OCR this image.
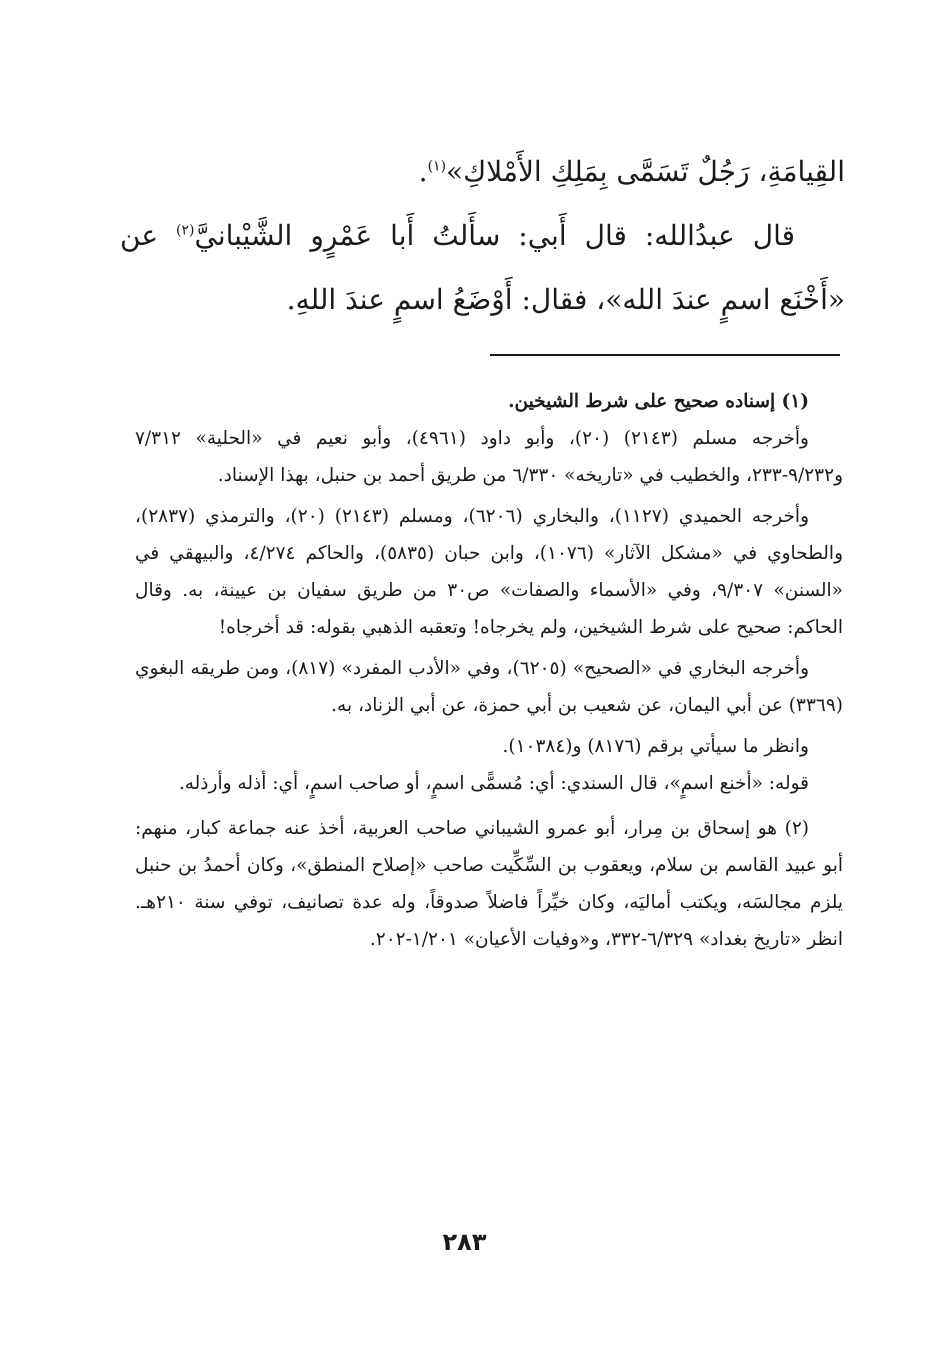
القِيامَةِ، رَجُلٌ تَسَمَّى بِمَلِكِ الأَمْلاكِ»$^{(١)}$.

قال عبدُالله: قال أَبي: سأَلتُ أَبا عَمْرٍو الشَّيْبانيَّ$^{(٢)}$ عن «أَخْنَع اسمٍ عندَ الله»، فقال: أَوْضَعُ اسمٍ عندَ اللهِ.

(١) إسناده صحيح على شرط الشيخين.

وأخرجه مسلم (٢١٤٣) (٢٠)، وأبو داود (٤٩٦١)، وأبو نعيم في «الحلية» ٧/٣١٢ و٩/٢٣٢-٢٣٣، والخطيب في «تاريخه» ٦/٣٣٠ من طريق أحمد بن حنبل، بهذا الإسناد.

وأخرجه الحميدي (١١٢٧)، والبخاري (٦٢٠٦)، ومسلم (٢١٤٣) (٢٠)، والترمذي (٢٨٣٧)، والطحاوي في «مشكل الآثار» (١٠٧٦)، وابن حبان (٥٨٣٥)، والحاكم ٤/٢٧٤، والبيهقي في «السنن» ٩/٣٠٧، وفي «الأسماء والصفات» ص٣٠ من طريق سفيان بن عيينة، به. وقال الحاكم: صحيح على شرط الشيخين، ولم يخرجاه! وتعقبه الذهبي بقوله: قد أخرجاه!

وأخرجه البخاري في «الصحيح» (٦٢٠٥)، وفي «الأدب المفرد» (٨١٧)، ومن طريقه البغوي (٣٣٦٩) عن أبي اليمان، عن شعيب بن أبي حمزة، عن أبي الزناد، به.

وانظر ما سيأتي برقم (٨١٧٦) و(١٠٣٨٤).

قوله: «أخنع اسمٍ»، قال السندي: أي: مُسمًّى اسمٍ، أو صاحب اسمٍ، أي: أذله وأرذله.

(٢) هو إسحاق بن مِرار، أبو عمرو الشيباني صاحب العربية، أخذ عنه جماعة كبار، منهم: أبو عبيد القاسم بن سلام، ويعقوب بن السِّكِّيت صاحب «إصلاح المنطق»، وكان أحمدُ بن حنبل يلزم مجالسَه، ويكتب أماليَه، وكان خيِّراً فاضلاً صدوقاً، وله عدة تصانيف، توفي سنة ٢١٠هـ. انظر «تاريخ بغداد» ٦/٣٢٩-٣٣٢، و«وفيات الأعيان» ١/٢٠١-٢٠٢.

٢٨٣
